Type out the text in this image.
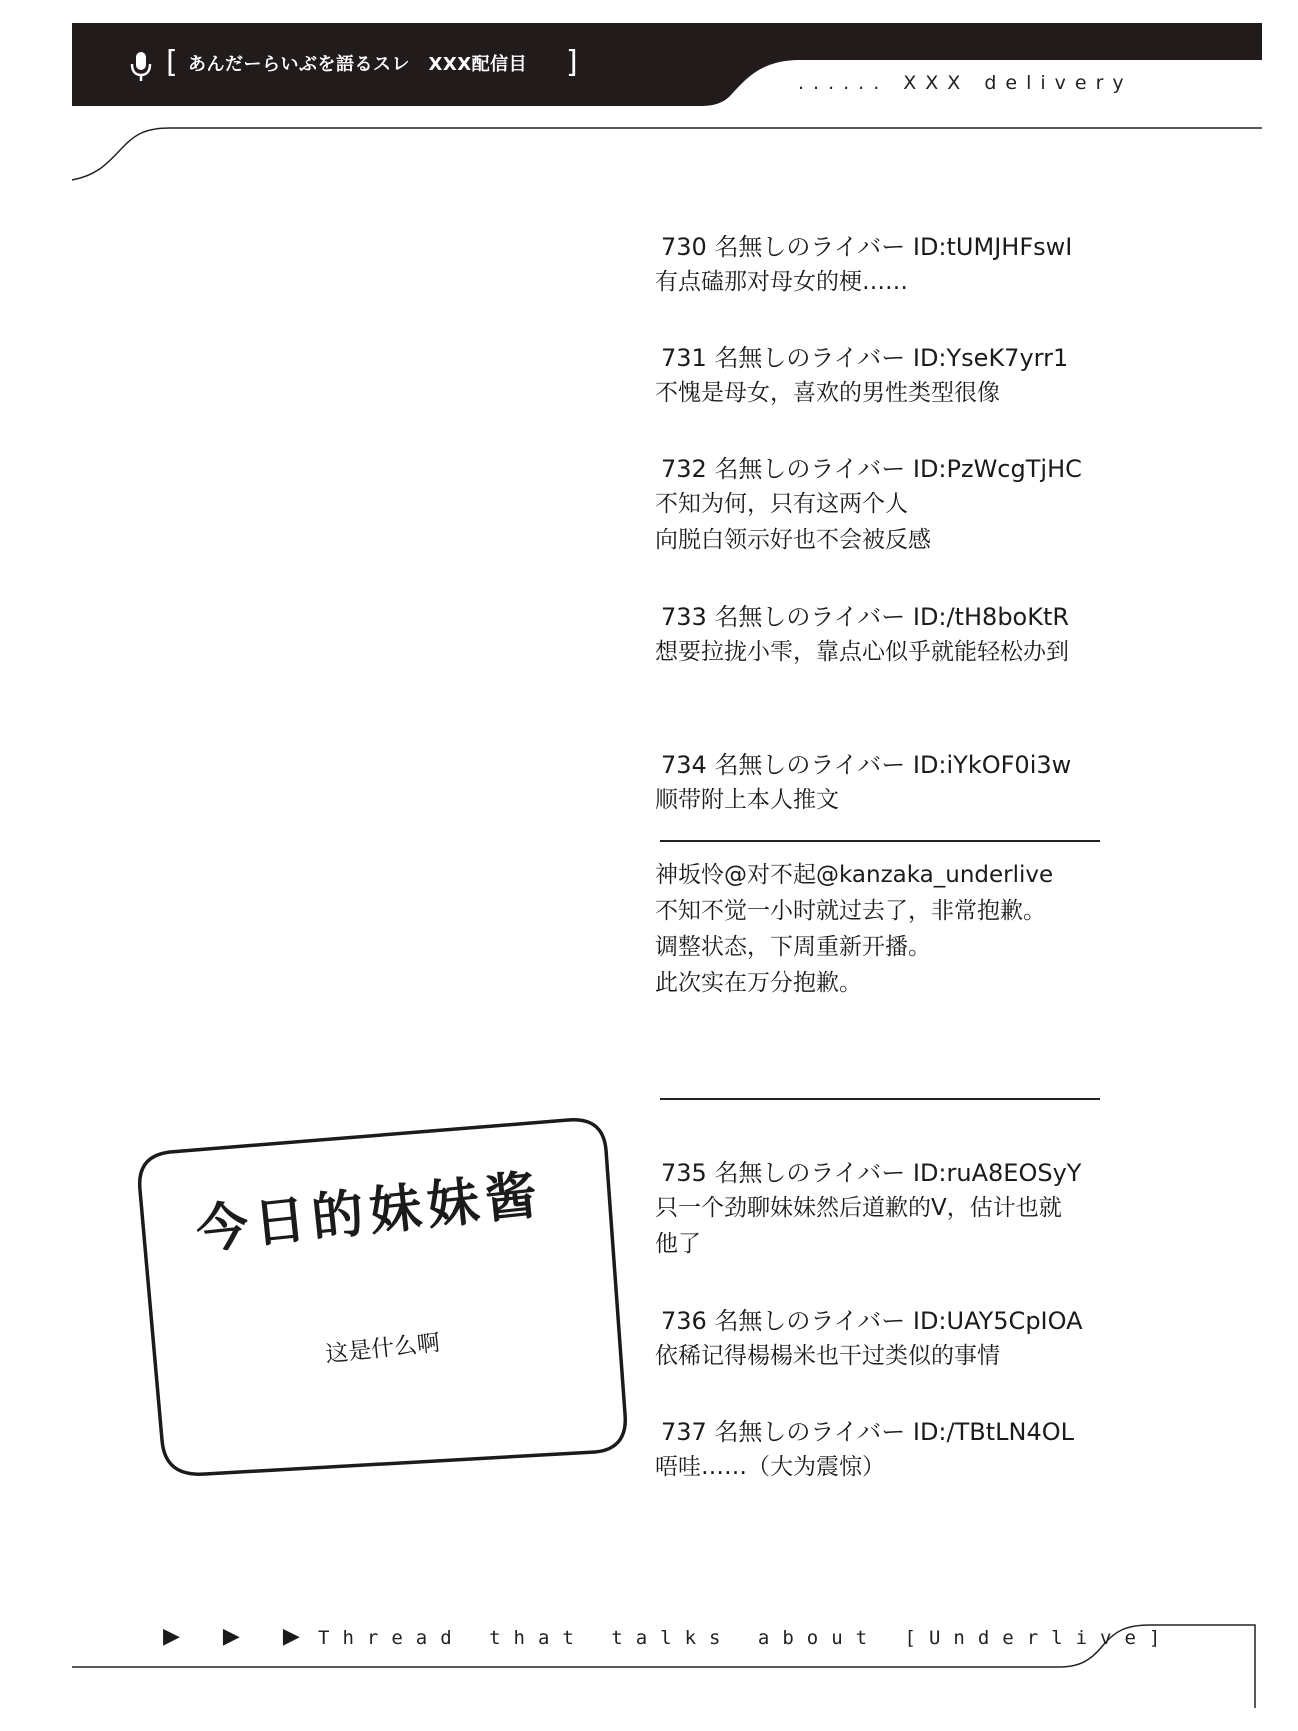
[ あんだーらいぶを語るスレ　XXX配信目 ]
...... XXX delivery
730 名無しのライバー ID:tUMJHFswI
有点磕那对母女的梗……
731 名無しのライバー ID:YseK7yrr1
不愧是母女，喜欢的男性类型很像
732 名無しのライバー ID:PzWcgTjHC
不知为何，只有这两个人
向脱白领示好也不会被反感
733 名無しのライバー ID:/tH8boKtR
想要拉拢小雫，靠点心似乎就能轻松办到
734 名無しのライバー ID:iYkOF0i3w
顺带附上本人推文
神坂怜@对不起@kanzaka_underlive
不知不觉一小时就过去了，非常抱歉。
调整状态，下周重新开播。
此次实在万分抱歉。
735 名無しのライバー ID:ruA8EOSyY
只一个劲聊妹妹然后道歉的V，估计也就
他了
736 名無しのライバー ID:UAY5CpIOA
依稀记得楊楊米也干过类似的事情
737 名無しのライバー ID:/TBtLN4OL
唔哇……（大为震惊）
今日的妹妹酱
这是什么啊
▶ ▶ ▶ Thread that talks about [Underlive]
